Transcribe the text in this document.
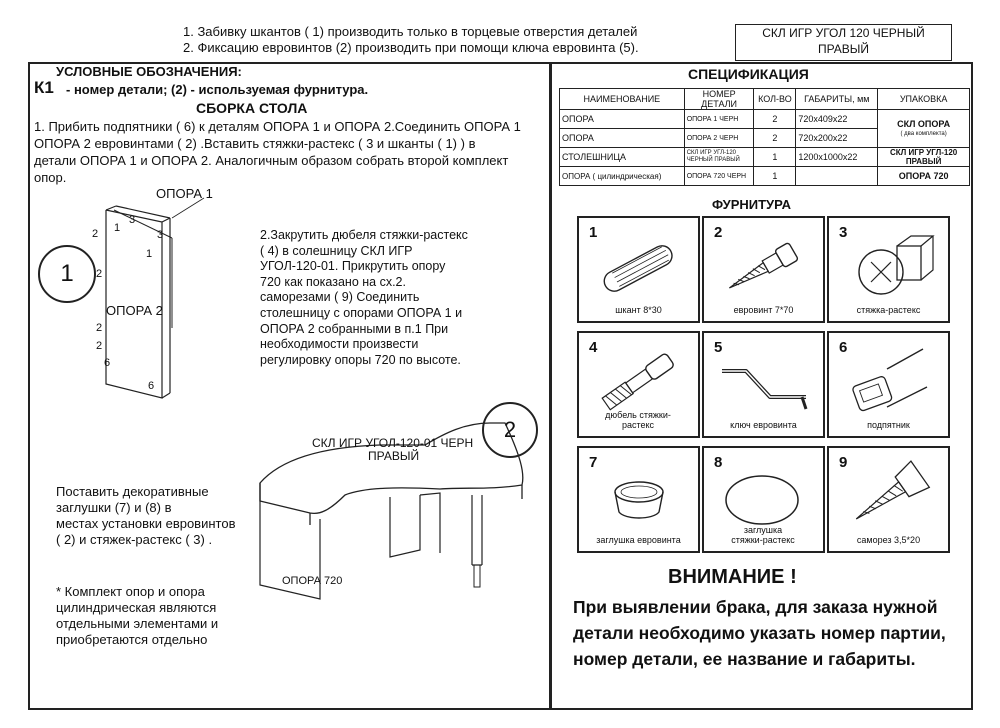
1. Забивку шкантов ( 1) производить только в торцевые отверстия деталей
2. Фиксацию евровинтов (2) производить при помощи ключа евровинта (5).
СКЛ ИГР УГОЛ 120 ЧЕРНЫЙ
ПРАВЫЙ
УСЛОВНЫЕ ОБОЗНАЧЕНИЯ:
К1 - номер детали; (2) - используемая фурнитура.
СБОРКА СТОЛА
1. Прибить подпятники ( 6) к деталям ОПОРА 1 и ОПОРА 2.Соединить ОПОРА 1
ОПОРА 2 евровинтами ( 2) .Вставить стяжки-растекс ( 3 и шканты ( 1) ) в
детали ОПОРА 1 и ОПОРА 2. Аналогичным образом собрать второй комплект
опор.
1
ОПОРА 1
ОПОРА 2
3
1
2	3
1
2
2
2
6
6
2.Закрутить дюбеля стяжки-растекс
( 4) в солешницу СКЛ ИГР
УГОЛ-120-01. Прикрутить опору
720 как показано на сх.2.
саморезами ( 9) Соединить
столешницу с опорами ОПОРА 1 и
ОПОРА 2 собранными в п.1 При
необходимости произвести
регулировку опоры 720 по высоте.
2
СКЛ ИГР УГОЛ-120-01 ЧЕРН
ПРАВЫЙ
ОПОРА 720
Поставить декоративные
заглушки (7) и (8) в
местах установки евровинтов
( 2) и стяжек-растекс ( 3) .
* Комплект опор и опора
цилиндрическая являются
отдельными элементами и
приобретаются отдельно
СПЕЦИФИКАЦИЯ
НАИМЕНОВАНИЕ	НОМЕР ДЕТАЛИ	КОЛ-ВО	ГАБАРИТЫ, мм	УПАКОВКА
ОПОРА	ОПОРА 1 ЧЕРН	2	720х409х22	СКЛ ОПОРА
( два комплекта)

ОПОРА	ОПОРА 2 ЧЕРН	2	720х200х22	
СТОЛЕШНИЦА	СКЛ ИГР УГЛ-120 ЧЕРНЫЙ ПРАВЫЙ	1	1200х1000х22	СКЛ ИГР УГЛ-120 ПРАВЫЙ
ОПОРА ( цилиндрическая)	ОПОРА 720 ЧЕРН	1		ОПОРА 720
ФУРНИТУРА
1
шкант 8*30
2
евровинт 7*70
3
стяжка-растекс
4
дюбель стяжки-растекс
5
ключ евровинта
6
подпятник
7
заглушка евровинта
8
заглушка стяжки-растекс
9
саморез 3,5*20
ВНИМАНИЕ !
При выявлении брака, для заказа нужной
детали необходимо указать номер партии,
номер детали, ее название и габариты.
